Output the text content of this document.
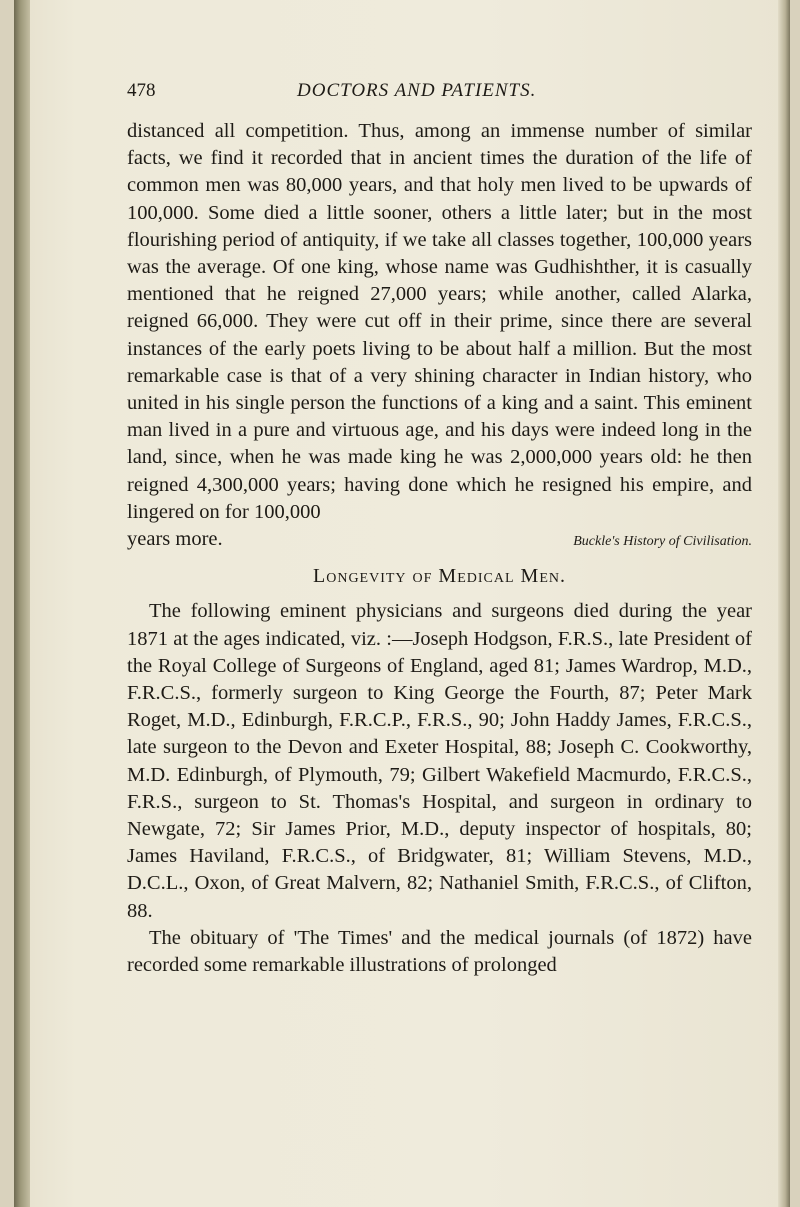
478	DOCTORS AND PATIENTS.

distanced all competition. Thus, among an immense number of similar facts, we find it recorded that in ancient times the duration of the life of common men was 80,000 years, and that holy men lived to be upwards of 100,000. Some died a little sooner, others a little later; but in the most flourishing period of antiquity, if we take all classes together, 100,000 years was the average. Of one king, whose name was Gudhishther, it is casually mentioned that he reigned 27,000 years; while another, called Alarka, reigned 66,000. They were cut off in their prime, since there are several instances of the early poets living to be about half a million. But the most remarkable case is that of a very shining character in Indian history, who united in his single person the functions of a king and a saint. This eminent man lived in a pure and virtuous age, and his days were indeed long in the land, since, when he was made king he was 2,000,000 years old: he then reigned 4,300,000 years; having done which he resigned his empire, and lingered on for 100,000

years more.	Buckle's History of Civilisation.

Longevity of Medical Men.

The following eminent physicians and surgeons died during the year 1871 at the ages indicated, viz. :—Joseph Hodgson, F.R.S., late President of the Royal College of Surgeons of England, aged 81; James Wardrop, M.D., F.R.C.S., formerly surgeon to King George the Fourth, 87; Peter Mark Roget, M.D., Edinburgh, F.R.C.P., F.R.S., 90; John Haddy James, F.R.C.S., late surgeon to the Devon and Exeter Hospital, 88; Joseph C. Cookworthy, M.D. Edinburgh, of Plymouth, 79; Gilbert Wakefield Macmurdo, F.R.C.S., F.R.S., surgeon to St. Thomas's Hospital, and surgeon in ordinary to Newgate, 72; Sir James Prior, M.D., deputy inspector of hospitals, 80; James Haviland, F.R.C.S., of Bridgwater, 81; William Stevens, M.D., D.C.L., Oxon, of Great Malvern, 82; Nathaniel Smith, F.R.C.S., of Clifton, 88.

The obituary of 'The Times' and the medical journals (of 1872) have recorded some remarkable illustrations of prolonged
